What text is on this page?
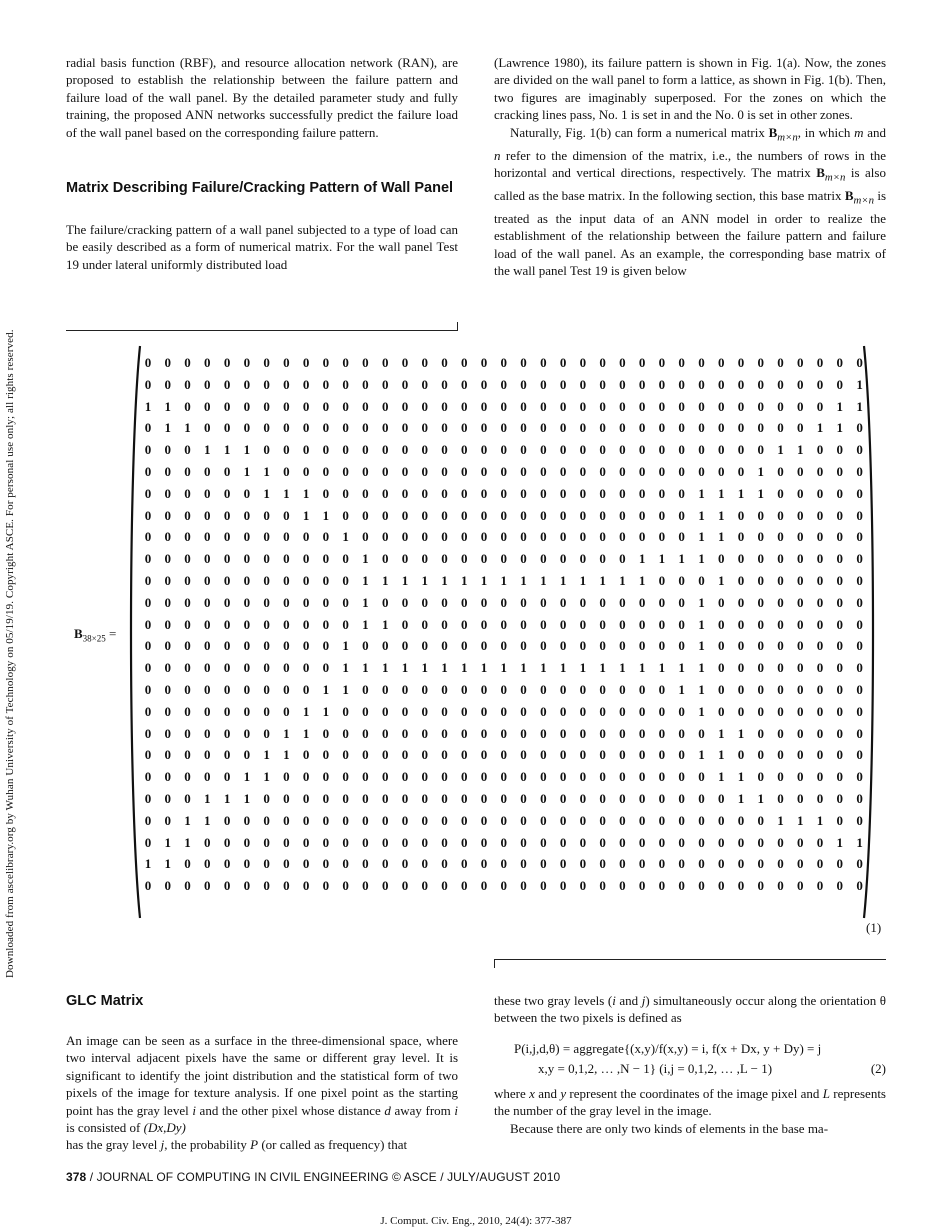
Downloaded from ascelibrary.org by Wuhan University of Technology on 05/19/19. Copyright ASCE. For personal use only; all rights reserved.

radial basis function (RBF), and resource allocation network (RAN), are proposed to establish the relationship between the failure pattern and failure load of the wall panel. By the detailed parameter study and fully training, the proposed ANN networks successfully predict the failure load of the wall panel based on the corresponding failure pattern.

Matrix Describing Failure/Cracking Pattern of Wall Panel

The failure/cracking pattern of a wall panel subjected to a type of load can be easily described as a form of numerical matrix. For the wall panel Test 19 under lateral uniformly distributed load

(Lawrence 1980), its failure pattern is shown in Fig. 1(a). Now, the zones are divided on the wall panel to form a lattice, as shown in Fig. 1(b). Then, two figures are imaginably superposed. For the zones on which the cracking lines pass, No. 1 is set in and the No. 0 is set in other zones.

Naturally, Fig. 1(b) can form a numerical matrix $B_{m\times n}$, in which m and n refer to the dimension of the matrix, i.e., the numbers of rows in the horizontal and vertical directions, respectively. The matrix $B_{m\times n}$ is also called as the base matrix. In the following section, this base matrix $B_{m\times n}$ is treated as the input data of an ANN model in order to realize the establishment of the relationship between the failure pattern and failure load of the wall panel. As an example, the corresponding base matrix of the wall panel Test 19 is given below

$B_{38\times 25}$ =
0	0	0	0	0	0	0	0	0	0	0	0	0	0	0	0	0	0	0	0	0	0	0	0	0	0	0	0	0	0	0	0	0	0	0	0	0
0	0	0	0	0	0	0	0	0	0	0	0	0	0	0	0	0	0	0	0	0	0	0	0	0	0	0	0	0	0	0	0	0	0	0	0	1
1	1	0	0	0	0	0	0	0	0	0	0	0	0	0	0	0	0	0	0	0	0	0	0	0	0	0	0	0	0	0	0	0	0	0	1	1
0	1	1	0	0	0	0	0	0	0	0	0	0	0	0	0	0	0	0	0	0	0	0	0	0	0	0	0	0	0	0	0	0	0	1	1	0
0	0	0	1	1	1	0	0	0	0	0	0	0	0	0	0	0	0	0	0	0	0	0	0	0	0	0	0	0	0	0	0	1	1	0	0	0
0	0	0	0	0	1	1	0	0	0	0	0	0	0	0	0	0	0	0	0	0	0	0	0	0	0	0	0	0	0	0	1	0	0	0	0	0
0	0	0	0	0	0	1	1	1	0	0	0	0	0	0	0	0	0	0	0	0	0	0	0	0	0	0	0	1	1	1	1	0	0	0	0	0
0	0	0	0	0	0	0	0	1	1	0	0	0	0	0	0	0	0	0	0	0	0	0	0	0	0	0	0	1	1	0	0	0	0	0	0	0
0	0	0	0	0	0	0	0	0	0	1	0	0	0	0	0	0	0	0	0	0	0	0	0	0	0	0	0	1	1	0	0	0	0	0	0	0
0	0	0	0	0	0	0	0	0	0	0	1	0	0	0	0	0	0	0	0	0	0	0	0	0	1	1	1	1	0	0	0	0	0	0	0	0
0	0	0	0	0	0	0	0	0	0	0	1	1	1	1	1	1	1	1	1	1	1	1	1	1	1	0	0	0	1	0	0	0	0	0	0	0
0	0	0	0	0	0	0	0	0	0	0	1	0	0	0	0	0	0	0	0	0	0	0	0	0	0	0	0	1	0	0	0	0	0	0	0	0
0	0	0	0	0	0	0	0	0	0	0	1	1	0	0	0	0	0	0	0	0	0	0	0	0	0	0	0	1	0	0	0	0	0	0	0	0
0	0	0	0	0	0	0	0	0	0	1	0	0	0	0	0	0	0	0	0	0	0	0	0	0	0	0	0	1	0	0	0	0	0	0	0	0
0	0	0	0	0	0	0	0	0	0	1	1	1	1	1	1	1	1	1	1	1	1	1	1	1	1	1	1	1	0	0	0	0	0	0	0	0
0	0	0	0	0	0	0	0	0	1	1	0	0	0	0	0	0	0	0	0	0	0	0	0	0	0	0	1	1	0	0	0	0	0	0	0	0
0	0	0	0	0	0	0	0	1	1	0	0	0	0	0	0	0	0	0	0	0	0	0	0	0	0	0	0	1	0	0	0	0	0	0	0	0
0	0	0	0	0	0	0	1	1	0	0	0	0	0	0	0	0	0	0	0	0	0	0	0	0	0	0	0	0	1	1	0	0	0	0	0	0
0	0	0	0	0	0	1	1	0	0	0	0	0	0	0	0	0	0	0	0	0	0	0	0	0	0	0	0	1	1	0	0	0	0	0	0	0
0	0	0	0	0	1	1	0	0	0	0	0	0	0	0	0	0	0	0	0	0	0	0	0	0	0	0	0	0	1	1	0	0	0	0	0	0
0	0	0	1	1	1	0	0	0	0	0	0	0	0	0	0	0	0	0	0	0	0	0	0	0	0	0	0	0	0	1	1	0	0	0	0	0
0	0	1	1	0	0	0	0	0	0	0	0	0	0	0	0	0	0	0	0	0	0	0	0	0	0	0	0	0	0	0	0	1	1	1	0	0
0	1	1	0	0	0	0	0	0	0	0	0	0	0	0	0	0	0	0	0	0	0	0	0	0	0	0	0	0	0	0	0	0	0	0	1	1
1	1	0	0	0	0	0	0	0	0	0	0	0	0	0	0	0	0	0	0	0	0	0	0	0	0	0	0	0	0	0	0	0	0	0	0	0
0	0	0	0	0	0	0	0	0	0	0	0	0	0	0	0	0	0	0	0	0	0	0	0	0	0	0	0	0	0	0	0	0	0	0	0	0
(1)

GLC Matrix

An image can be seen as a surface in the three-dimensional space, where two interval adjacent pixels have the same or different gray level. It is significant to identify the joint distribution and the statistical form of two pixels of the image for texture analysis. If one pixel point as the starting point has the gray level i and the other pixel whose distance d away from i is consisted of (Dx,Dy)
has the gray level j, the probability P (or called as frequency) that

these two gray levels (i and j) simultaneously occur along the orientation θ between the two pixels is defined as

P(i,j,d,θ) = aggregate{(x,y)/f(x,y) = i, f(x + Dx, y + Dy) = j
x,y = 0,1,2, … ,N − 1} (i,j = 0,1,2, … ,L − 1)	(2)

where x and y represent the coordinates of the image pixel and L represents the number of the gray level in the image.

Because there are only two kinds of elements in the base ma-

378 / JOURNAL OF COMPUTING IN CIVIL ENGINEERING © ASCE / JULY/AUGUST 2010
J. Comput. Civ. Eng., 2010, 24(4): 377-387
